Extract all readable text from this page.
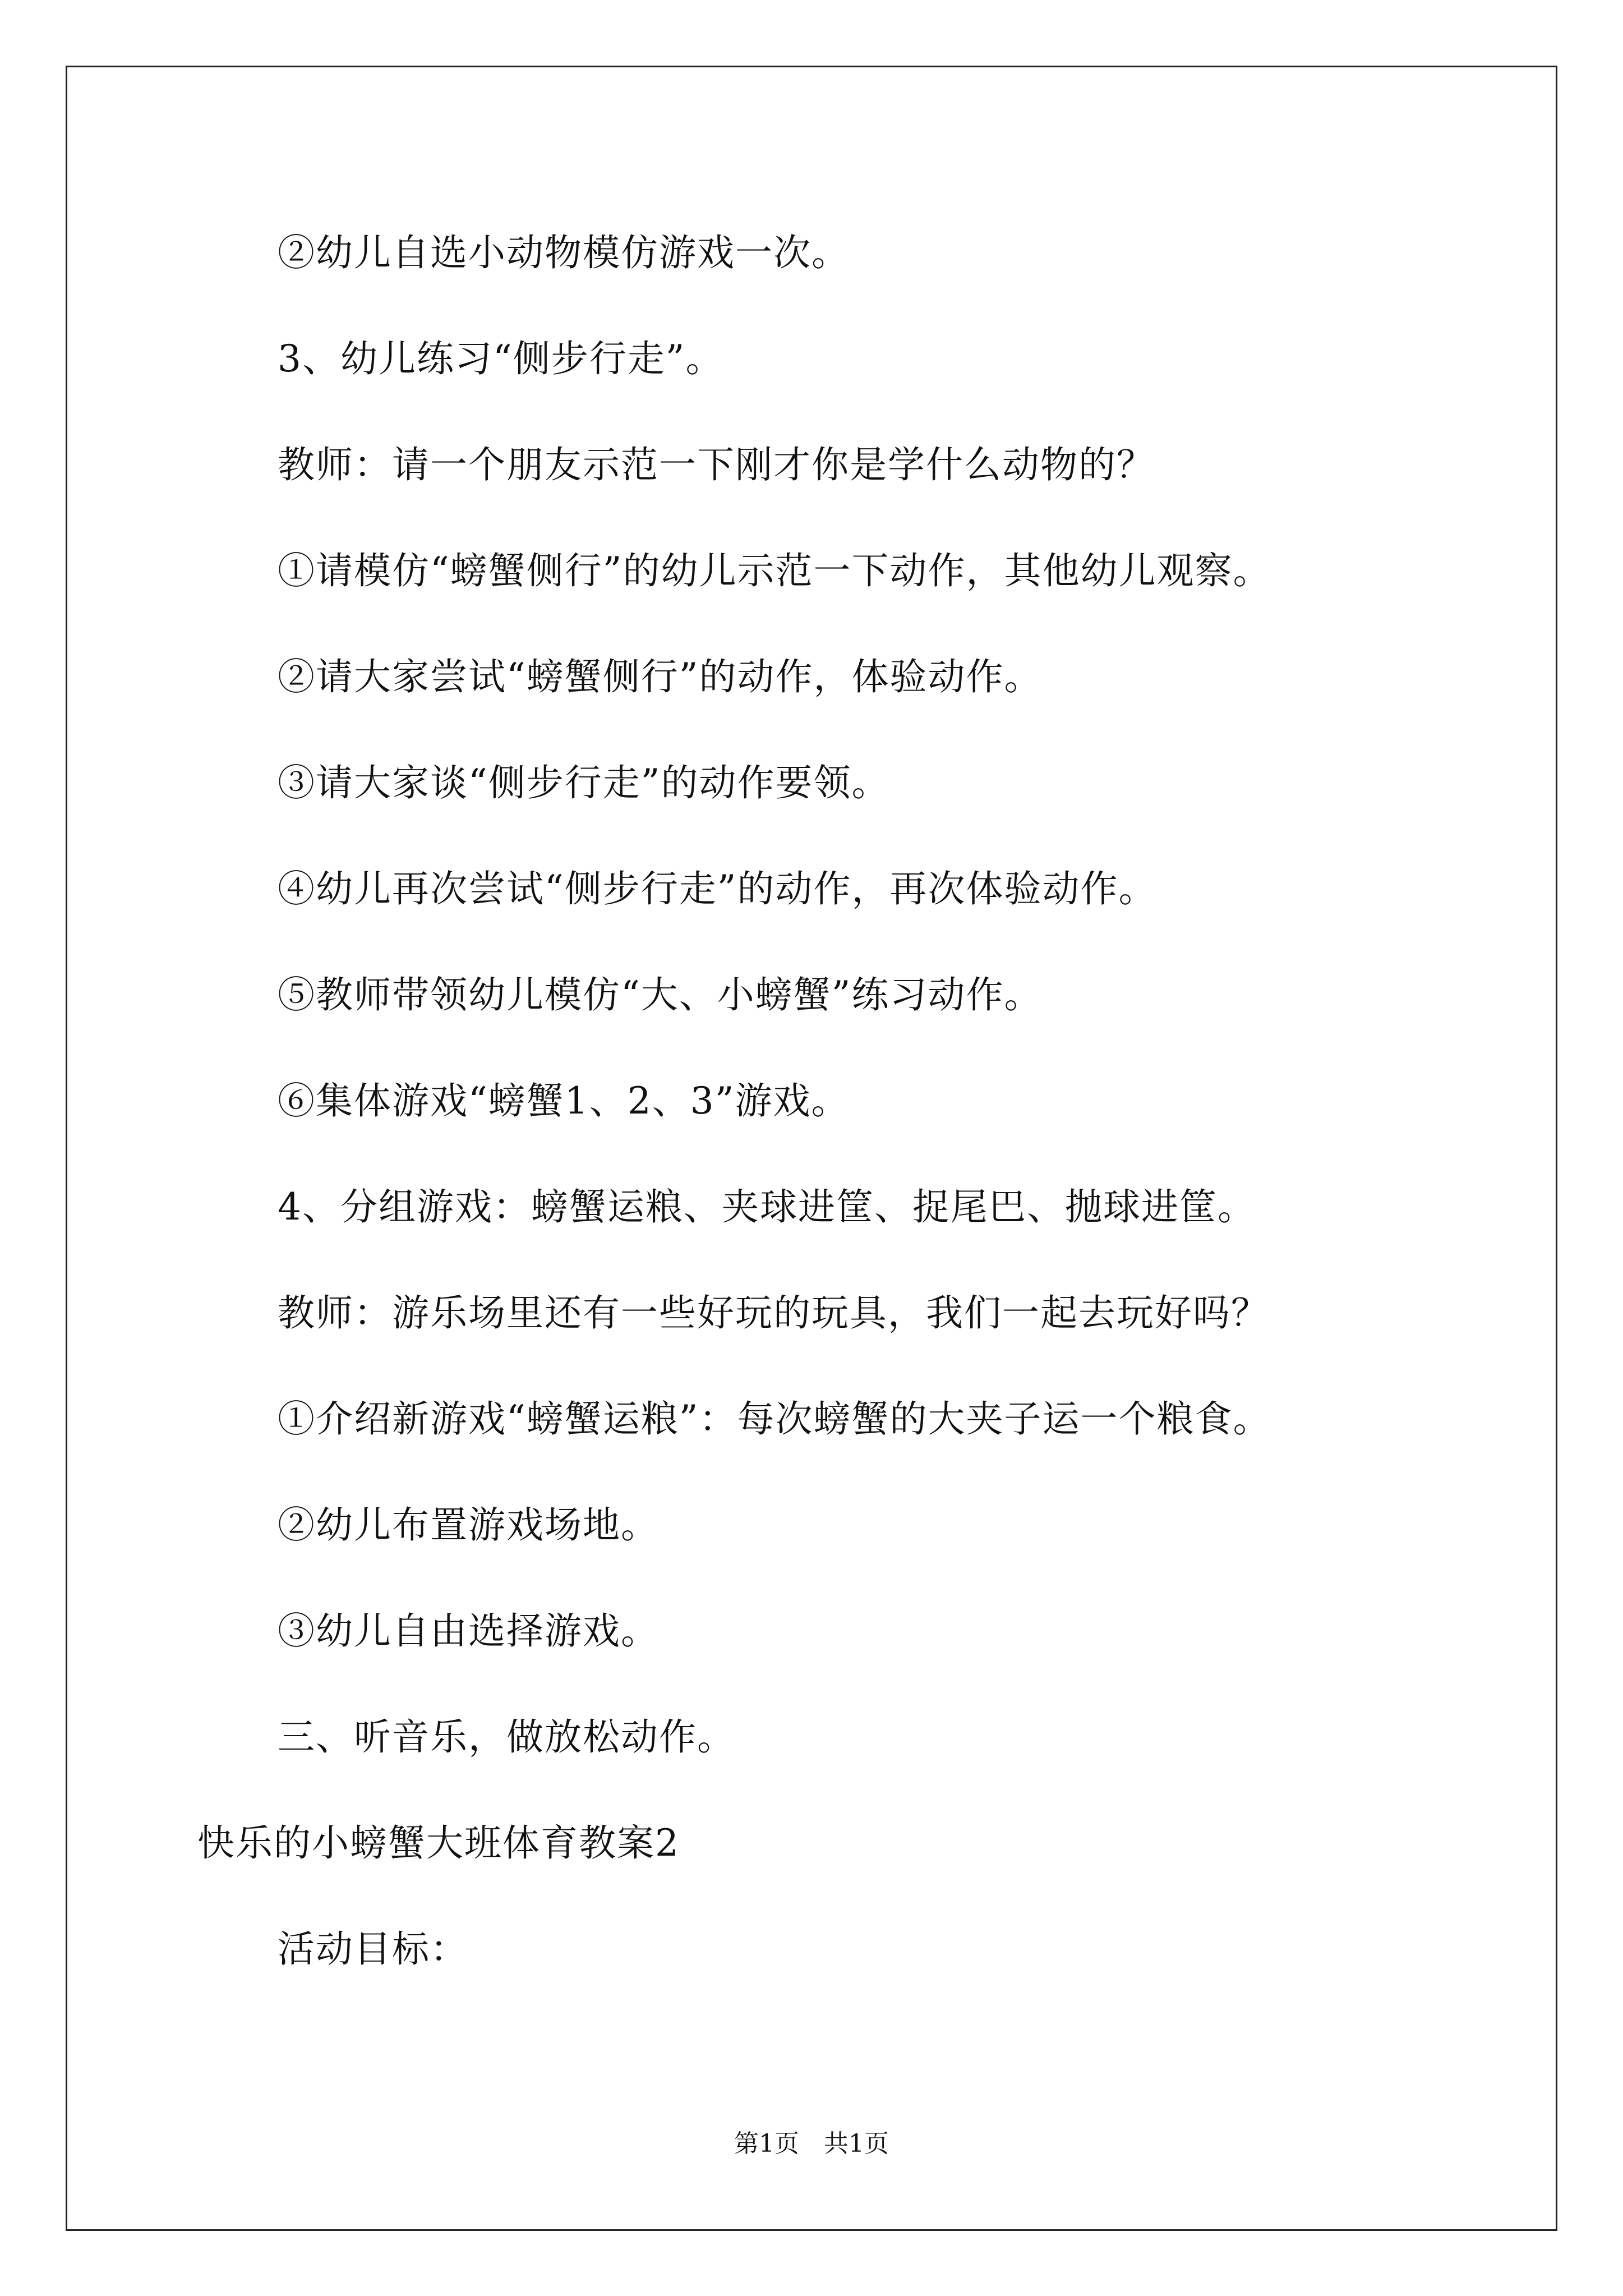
②幼儿自选小动物模仿游戏一次。
3、幼儿练习“侧步行走”。
教师：请一个朋友示范一下刚才你是学什么动物的？
①请模仿“螃蟹侧行”的幼儿示范一下动作，其他幼儿观察。
②请大家尝试“螃蟹侧行”的动作，体验动作。
③请大家谈“侧步行走”的动作要领。
④幼儿再次尝试“侧步行走”的动作，再次体验动作。
⑤教师带领幼儿模仿“大、小螃蟹”练习动作。
⑥集体游戏“螃蟹1、2、3”游戏。
4、分组游戏：螃蟹运粮、夹球进筐、捉尾巴、抛球进筐。
教师：游乐场里还有一些好玩的玩具，我们一起去玩好吗？
①介绍新游戏“螃蟹运粮”：每次螃蟹的大夹子运一个粮食。
②幼儿布置游戏场地。
③幼儿自由选择游戏。
三、听音乐，做放松动作。
快乐的小螃蟹大班体育教案2
活动目标：
第1页　共1页
